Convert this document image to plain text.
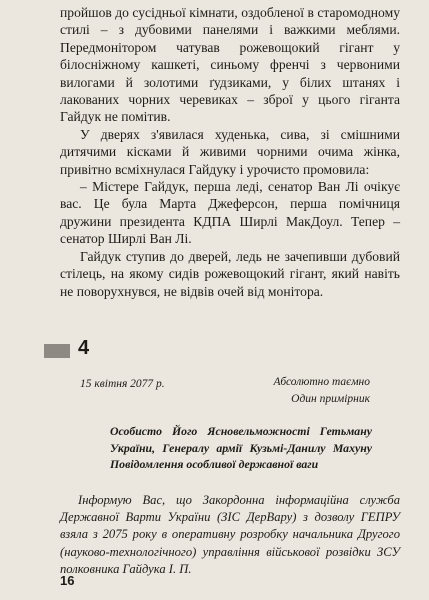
пройшов до сусідньої кімнати, оздобленої в старомодному стилі – з дубовими панелями і важкими меблями. Передмонітором чатував рожевощокий гігант у білосніжному кашкеті, синьому френчі з червоними вилогами й золотими ґудзиками, у білих штанях і лакованих чорних черевиках – зброї у цього гіганта Гайдук не помітив.

У дверях з'явилася худенька, сива, зі смішними дитячими кісками й живими чорними очима жінка, привітно всміхнулася Гайдуку і урочисто промовила:

– Містере Гайдук, перша леді, сенатор Ван Лі очікує вас. Це була Марта Джеферсон, перша помічниця дружини президента КДПА Ширлі МакДоул. Тепер – сенатор Ширлі Ван Лі.

Гайдук ступив до дверей, ледь не зачепивши дубовий стілець, на якому сидів рожевощокий гігант, який навіть не поворухнувся, не відвів очей від монітора.

4
15 квітня 2077 р.	Абсолютно таємно
Один примірник
Особисто Його Ясновельможності Гетьману України, Генералу армії Кузьмі-Данилу Махуну Повідомлення особливої державної ваги

Інформую Вас, що Закордонна інформаційна служба Державної Варти України (ЗІС ДерВару) з дозволу ГЕПРУ взяла з 2075 року в оперативну розробку начальника Другого (науково-технологічного) управління військової розвідки ЗСУ полковника Гайдука І. П.

16
